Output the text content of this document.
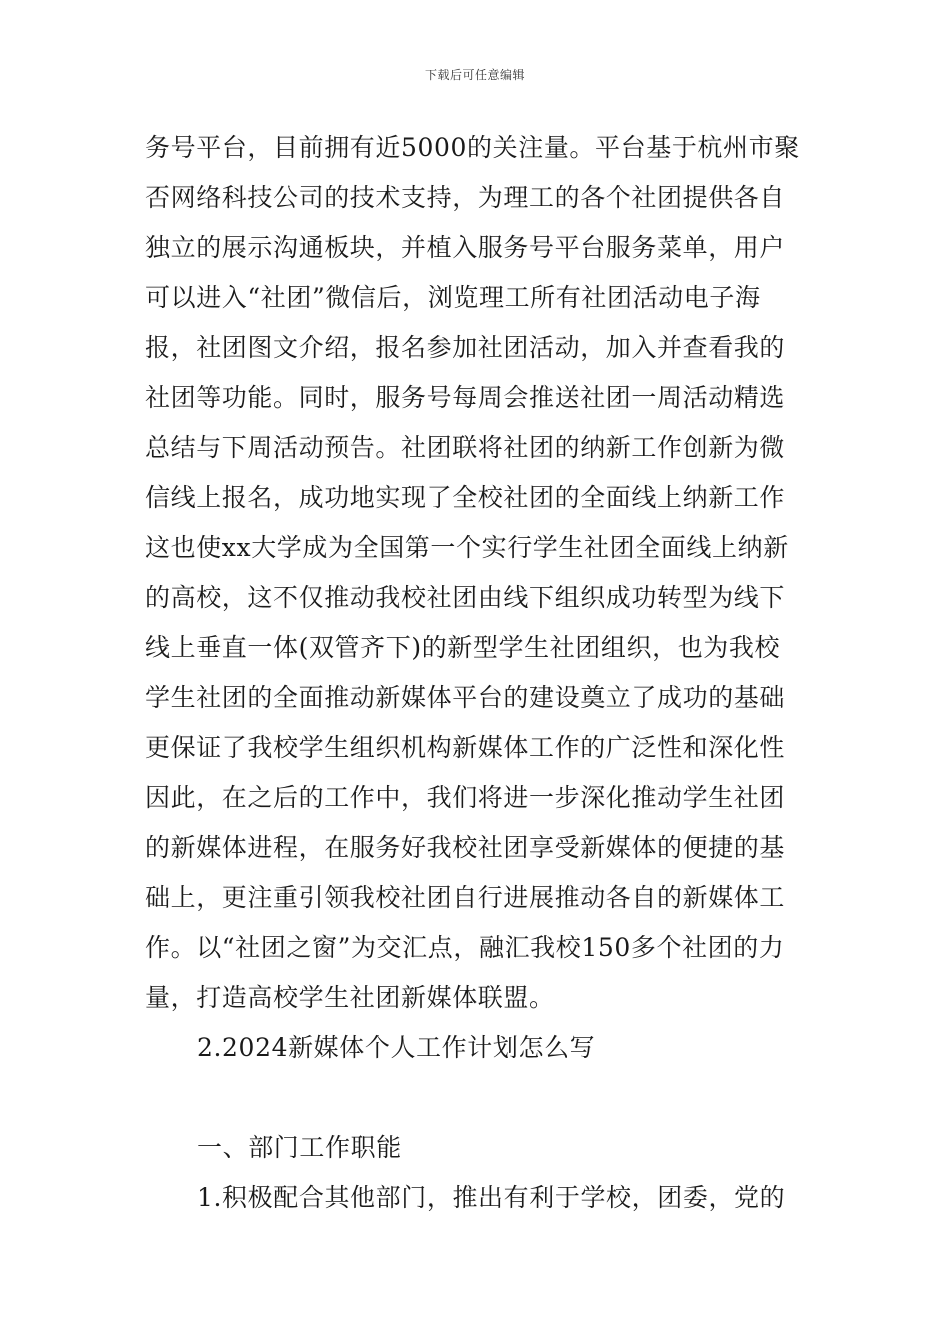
下载后可任意编辑
务号平台，目前拥有近5000的关注量。平台基于杭州市聚
否网络科技公司的技术支持，为理工的各个社团提供各自
独立的展示沟通板块，并植入服务号平台服务菜单，用户
可以进入“社团”微信后，浏览理工所有社团活动电子海
报，社团图文介绍，报名参加社团活动，加入并查看我的
社团等功能。同时，服务号每周会推送社团一周活动精选
总结与下周活动预告。社团联将社团的纳新工作创新为微
信线上报名，成功地实现了全校社团的全面线上纳新工作
这也使xx大学成为全国第一个实行学生社团全面线上纳新
的高校，这不仅推动我校社团由线下组织成功转型为线下
线上垂直一体(双管齐下)的新型学生社团组织，也为我校
学生社团的全面推动新媒体平台的建设奠立了成功的基础
更保证了我校学生组织机构新媒体工作的广泛性和深化性
因此，在之后的工作中，我们将进一步深化推动学生社团
的新媒体进程，在服务好我校社团享受新媒体的便捷的基
础上，更注重引领我校社团自行进展推动各自的新媒体工
作。以“社团之窗”为交汇点，融汇我校150多个社团的力
量，打造高校学生社团新媒体联盟。
2.2024新媒体个人工作计划怎么写
一、部门工作职能
1.积极配合其他部门，推出有利于学校，团委，党的
